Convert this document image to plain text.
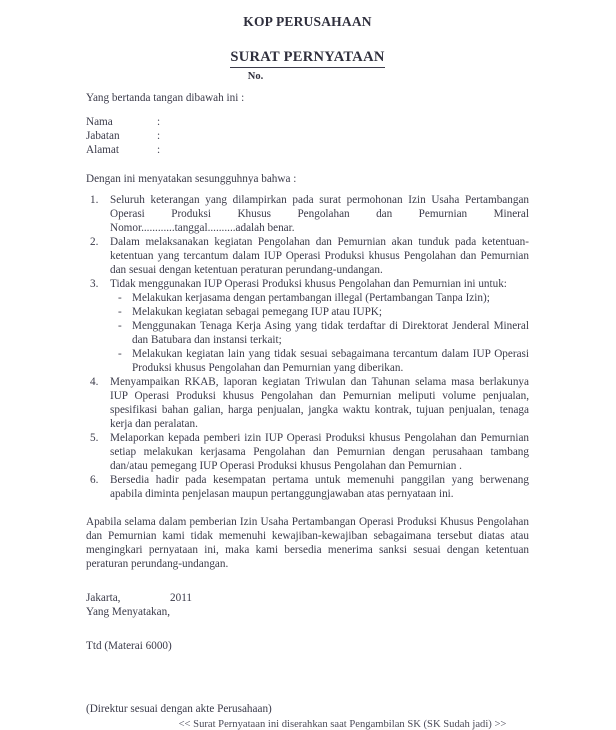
KOP PERUSAHAAN
SURAT PERNYATAAN
No.
Yang bertanda tangan dibawah ini :
Nama	:
Jabatan	:
Alamat	:
Dengan ini menyatakan sesungguhnya bahwa :
1.	Seluruh keterangan yang dilampirkan pada surat permohonan Izin Usaha Pertambangan Operasi Produksi Khusus Pengolahan dan Pemurnian Mineral Nomor............tanggal..........adalah benar.
2.	Dalam melaksanakan kegiatan Pengolahan dan Pemurnian akan tunduk pada ketentuan-ketentuan yang tercantum dalam IUP Operasi Produksi khusus Pengolahan dan Pemurnian dan sesuai dengan ketentuan peraturan perundang-undangan.
3.	Tidak menggunakan IUP Operasi Produksi khusus Pengolahan dan Pemurnian ini untuk:
- Melakukan kerjasama dengan pertambangan illegal (Pertambangan Tanpa Izin);
- Melakukan kegiatan sebagai pemegang IUP atau IUPK;
- Menggunakan Tenaga Kerja Asing yang tidak terdaftar di Direktorat Jenderal Mineral dan Batubara dan instansi terkait;
- Melakukan kegiatan lain yang tidak sesuai sebagaimana tercantum dalam IUP Operasi Produksi khusus Pengolahan dan Pemurnian yang diberikan.
4.	Menyampaikan RKAB, laporan kegiatan Triwulan dan Tahunan selama masa berlakunya IUP Operasi Produksi khusus Pengolahan dan Pemurnian meliputi volume penjualan, spesifikasi bahan galian, harga penjualan, jangka waktu kontrak, tujuan penjualan, tenaga kerja dan peralatan.
5.	Melaporkan kepada pemberi izin IUP Operasi Produksi khusus Pengolahan dan Pemurnian setiap melakukan kerjasama Pengolahan dan Pemurnian dengan perusahaan tambang dan/atau pemegang IUP Operasi Produksi khusus Pengolahan dan Pemurnian .
6.	Bersedia hadir pada kesempatan pertama untuk memenuhi panggilan yang berwenang apabila diminta penjelasan maupun pertanggungjawaban atas pernyataan ini.
Apabila selama dalam pemberian Izin Usaha Pertambangan Operasi Produksi Khusus Pengolahan dan Pemurnian kami tidak memenuhi kewajiban-kewajiban sebagaimana tersebut diatas atau mengingkari pernyataan ini, maka kami bersedia menerima sanksi sesuai dengan ketentuan peraturan perundang-undangan.
Jakarta,	2011
Yang Menyatakan,
Ttd (Materai 6000)
(Direktur sesuai dengan akte Perusahaan)
<< Surat Pernyataan ini diserahkan saat Pengambilan SK (SK Sudah jadi) >>
